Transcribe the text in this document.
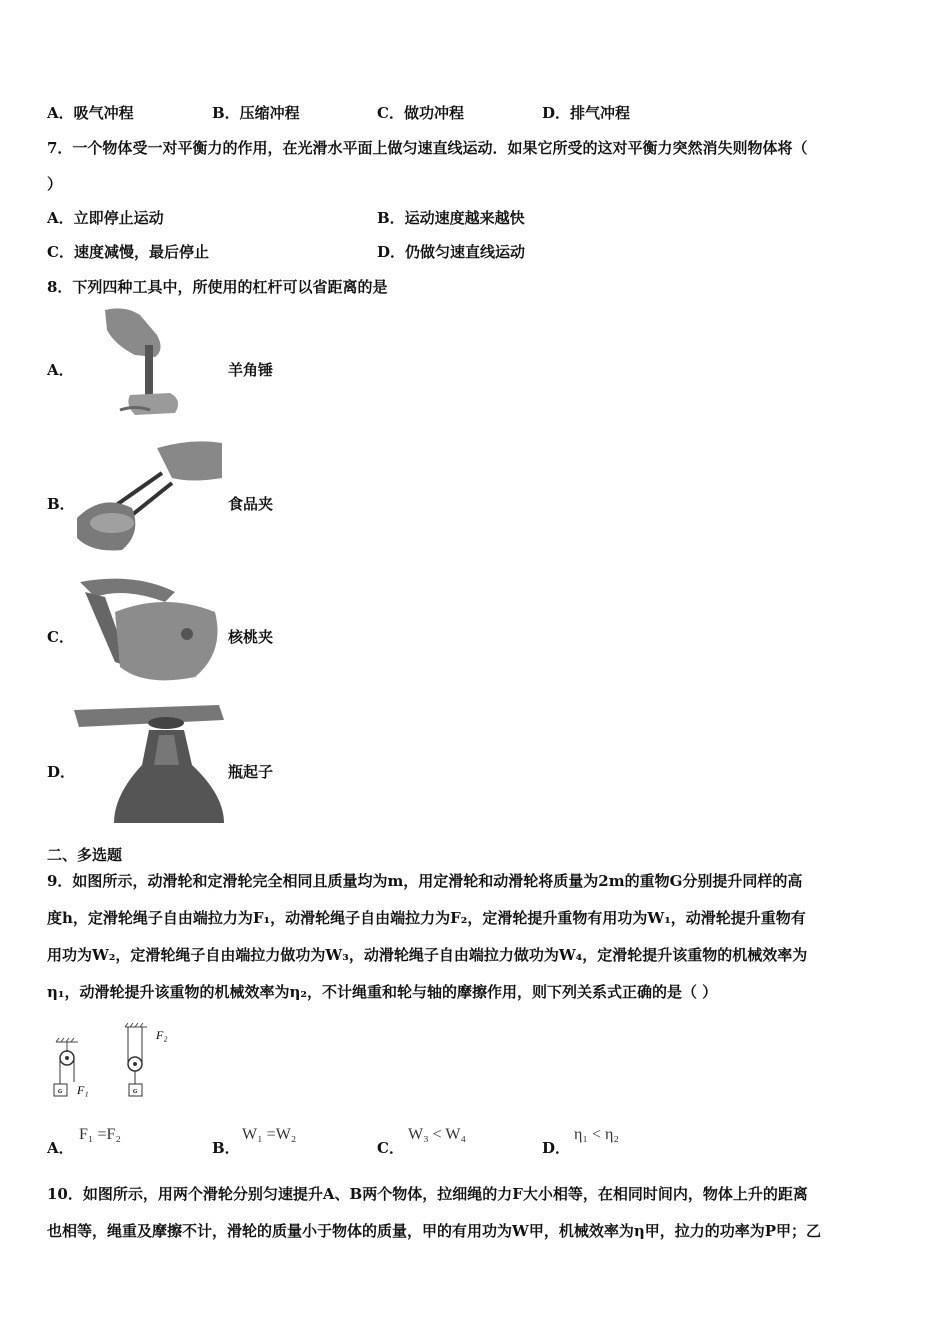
A．吸气冲程	B．压缩冲程	C．做功冲程	D．排气冲程
7．一个物体受一对平衡力的作用，在光滑水平面上做匀速直线运动．如果它所受的这对平衡力突然消失则物体将（
）
A．立即停止运动	B．运动速度越来越快
C．速度减慢，最后停止	D．仍做匀速直线运动
8．下列四种工具中，所使用的杠杆可以省距离的是
A．	羊角锤
B．	食品夹
C．	核桃夹
D．	瓶起子
二、多选题
9．如图所示，动滑轮和定滑轮完全相同且质量均为m，用定滑轮和动滑轮将质量为2m的重物G分别提升同样的高
度h，定滑轮绳子自由端拉力为F₁，动滑轮绳子自由端拉力为F₂，定滑轮提升重物有用功为W₁，动滑轮提升重物有
用功为W₂，定滑轮绳子自由端拉力做功为W₃，动滑轮绳子自由端拉力做功为W₄，定滑轮提升该重物的机械效率为
η₁，动滑轮提升该重物的机械效率为η₂，不计绳重和轮与轴的摩擦作用，则下列关系式正确的是（ ）
G F₁	G
F₂
A．
F₁ =F₂
B．
W₁ =W₂
C．
W₃ < W₄
D．
η₁ < η₂
10．如图所示，用两个滑轮分别匀速提升A、B两个物体，拉细绳的力F大小相等，在相同时间内，物体上升的距离
也相等，绳重及摩擦不计，滑轮的质量小于物体的质量，甲的有用功为W甲，机械效率为η甲，拉力的功率为P甲；乙
